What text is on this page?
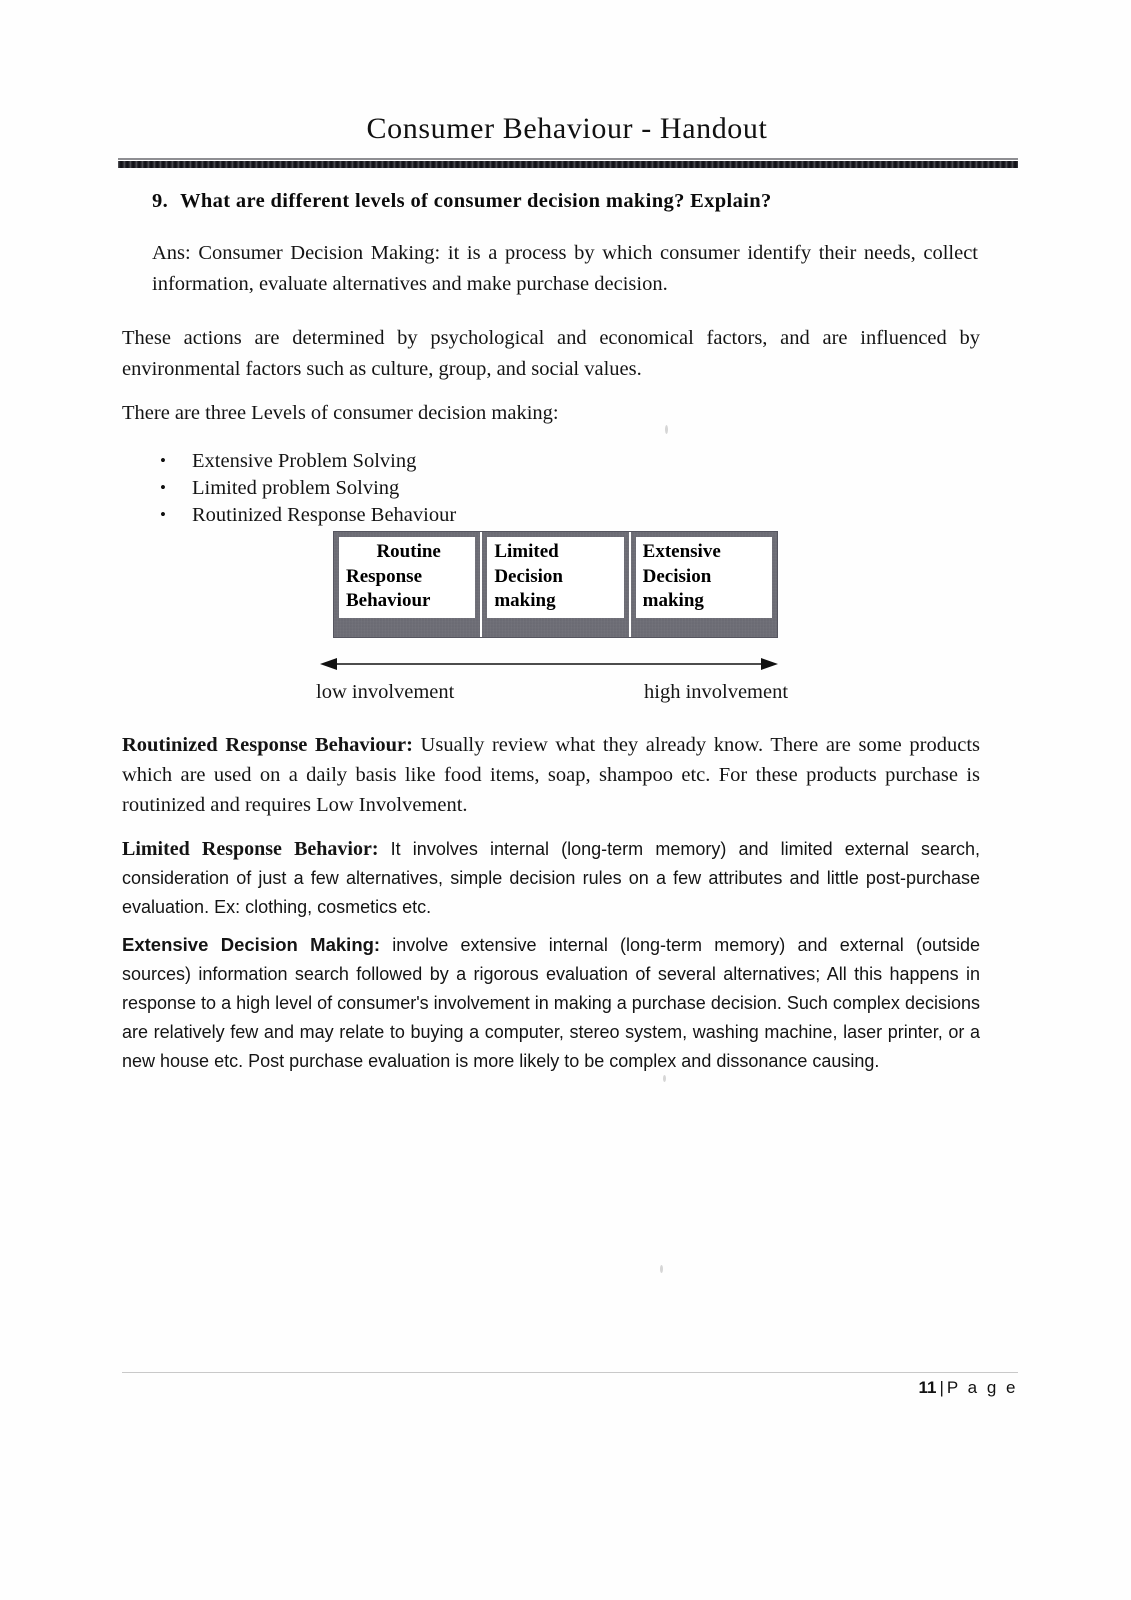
Consumer Behaviour - Handout
9. What are different levels of consumer decision making? Explain?
Ans: Consumer Decision Making: it is a process by which consumer identify their needs, collect information, evaluate alternatives and make purchase decision.
These actions are determined by psychological and economical factors, and are influenced by environmental factors such as culture, group, and social values.
There are three Levels of consumer decision making:
• Extensive Problem Solving
• Limited problem Solving
• Routinized Response Behaviour
Routine
Response
Behaviour
Limited
Decision
making
Extensive
Decision
making
low involvement	high involvement
Routinized Response Behaviour: Usually review what they already know. There are some products which are used on a daily basis like food items, soap, shampoo etc. For these products purchase is routinized and requires Low Involvement.
Limited Response Behavior: It involves internal (long-term memory) and limited external search, consideration of just a few alternatives, simple decision rules on a few attributes and little post-purchase evaluation. Ex: clothing, cosmetics etc.
Extensive Decision Making: involve extensive internal (long-term memory) and external (outside sources) information search followed by a rigorous evaluation of several alternatives; All this happens in response to a high level of consumer's involvement in making a purchase decision. Such complex decisions are relatively few and may relate to buying a computer, stereo system, washing machine, laser printer, or a new house etc. Post purchase evaluation is more likely to be complex and dissonance causing.
11 | P a g e
